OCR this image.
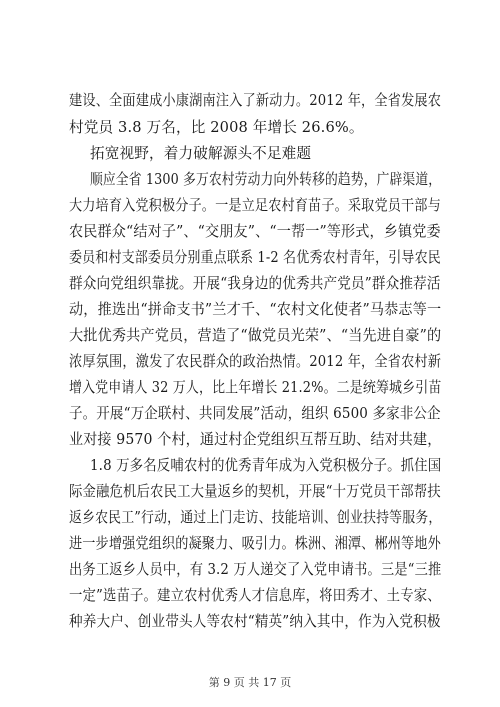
建设、全面建成小康湖南注入了新动力。2012 年，全省发展农
村党员 3.8 万名，比 2008 年增长 26.6%。
拓宽视野，着力破解源头不足难题
顺应全省 1300 多万农村劳动力向外转移的趋势，广辟渠道，
大力培育入党积极分子。一是立足农村育苗子。采取党员干部与
农民群众“结对子”、“交朋友”、“一帮一”等形式，乡镇党委
委员和村支部委员分别重点联系 1-2 名优秀农村青年，引导农民
群众向党组织靠拢。开展“我身边的优秀共产党员”群众推荐活
动，推选出“拼命支书”兰才千、“农村文化使者”马恭志等一
大批优秀共产党员，营造了“做党员光荣”、“当先进自豪”的
浓厚氛围，激发了农民群众的政治热情。2012 年，全省农村新
增入党申请人 32 万人，比上年增长 21.2%。二是统筹城乡引苗
子。开展“万企联村、共同发展”活动，组织 6500 多家非公企
业对接 9570 个村，通过村企党组织互帮互助、结对共建，
1.8 万多名反哺农村的优秀青年成为入党积极分子。抓住国
际金融危机后农民工大量返乡的契机，开展“十万党员干部帮扶
返乡农民工”行动，通过上门走访、技能培训、创业扶持等服务，
进一步增强党组织的凝聚力、吸引力。株洲、湘潭、郴州等地外
出务工返乡人员中，有 3.2 万人递交了入党申请书。三是“三推
一定”选苗子。建立农村优秀人才信息库，将田秀才、土专家、
种养大户、创业带头人等农村“精英”纳入其中，作为入党积极
第 9 页 共 17 页
